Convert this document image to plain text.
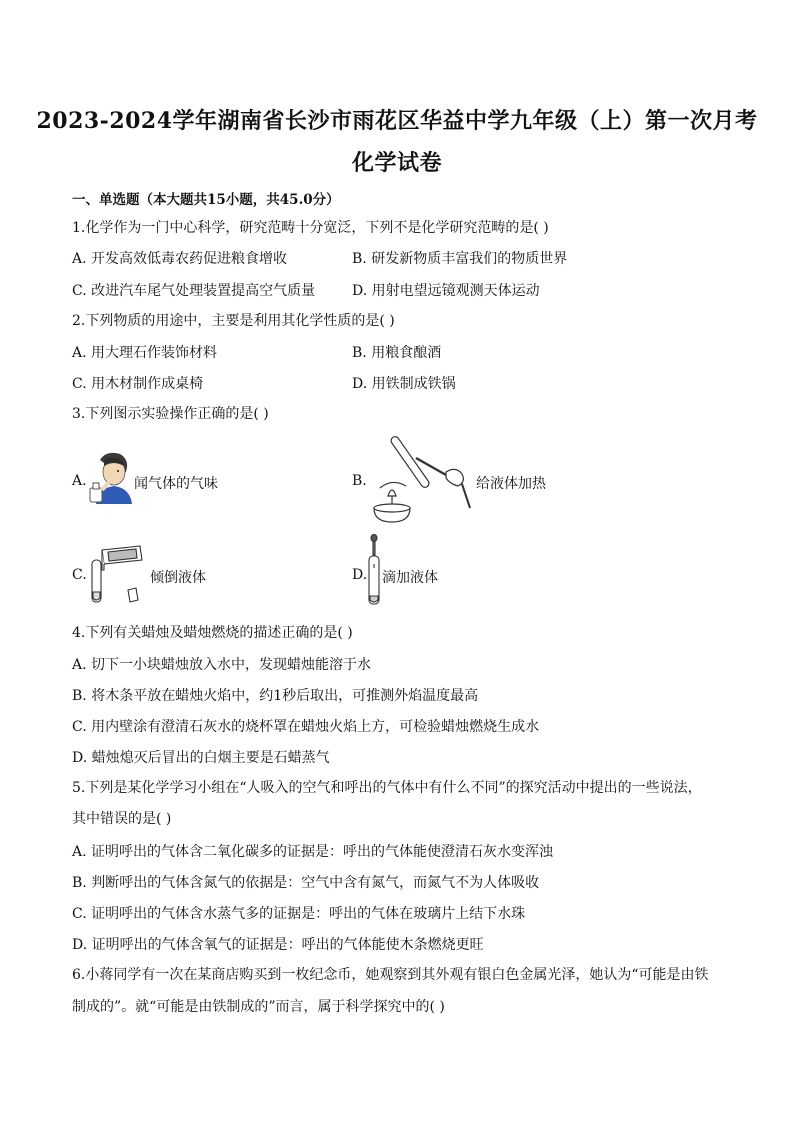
2023-2024学年湖南省长沙市雨花区华益中学九年级（上）第一次月考
化学试卷
一、单选题（本大题共15小题，共45.0分）
1.化学作为一门中心科学，研究范畴十分宽泛，下列不是化学研究范畴的是( )
A. 开发高效低毒农药促进粮食增收	B. 研发新物质丰富我们的物质世界
C. 改进汽车尾气处理装置提高空气质量	D. 用射电望远镜观测天体运动
2.下列物质的用途中，主要是利用其化学性质的是( )
A. 用大理石作装饰材料	B. 用粮食酿酒
C. 用木材制作成桌椅	D. 用铁制成铁锅
3.下列图示实验操作正确的是( )
A.	闻气体的气味	B.	给液体加热
C.	倾倒液体	D. 滴加液体
4.下列有关蜡烛及蜡烛燃烧的描述正确的是( )
A. 切下一小块蜡烛放入水中，发现蜡烛能溶于水
B. 将木条平放在蜡烛火焰中，约1秒后取出，可推测外焰温度最高
C. 用内壁涂有澄清石灰水的烧杯罩在蜡烛火焰上方，可检验蜡烛燃烧生成水
D. 蜡烛熄灭后冒出的白烟主要是石蜡蒸气
5.下列是某化学学习小组在“人吸入的空气和呼出的气体中有什么不同”的探究活动中提出的一些说法，
其中错误的是( )
A. 证明呼出的气体含二氧化碳多的证据是：呼出的气体能使澄清石灰水变浑浊
B. 判断呼出的气体含氮气的依据是：空气中含有氮气，而氮气不为人体吸收
C. 证明呼出的气体含水蒸气多的证据是：呼出的气体在玻璃片上结下水珠
D. 证明呼出的气体含氧气的证据是：呼出的气体能使木条燃烧更旺
6.小蒋同学有一次在某商店购买到一枚纪念币，她观察到其外观有银白色金属光泽，她认为“可能是由铁
制成的”。就“可能是由铁制成的”而言，属于科学探究中的( )
